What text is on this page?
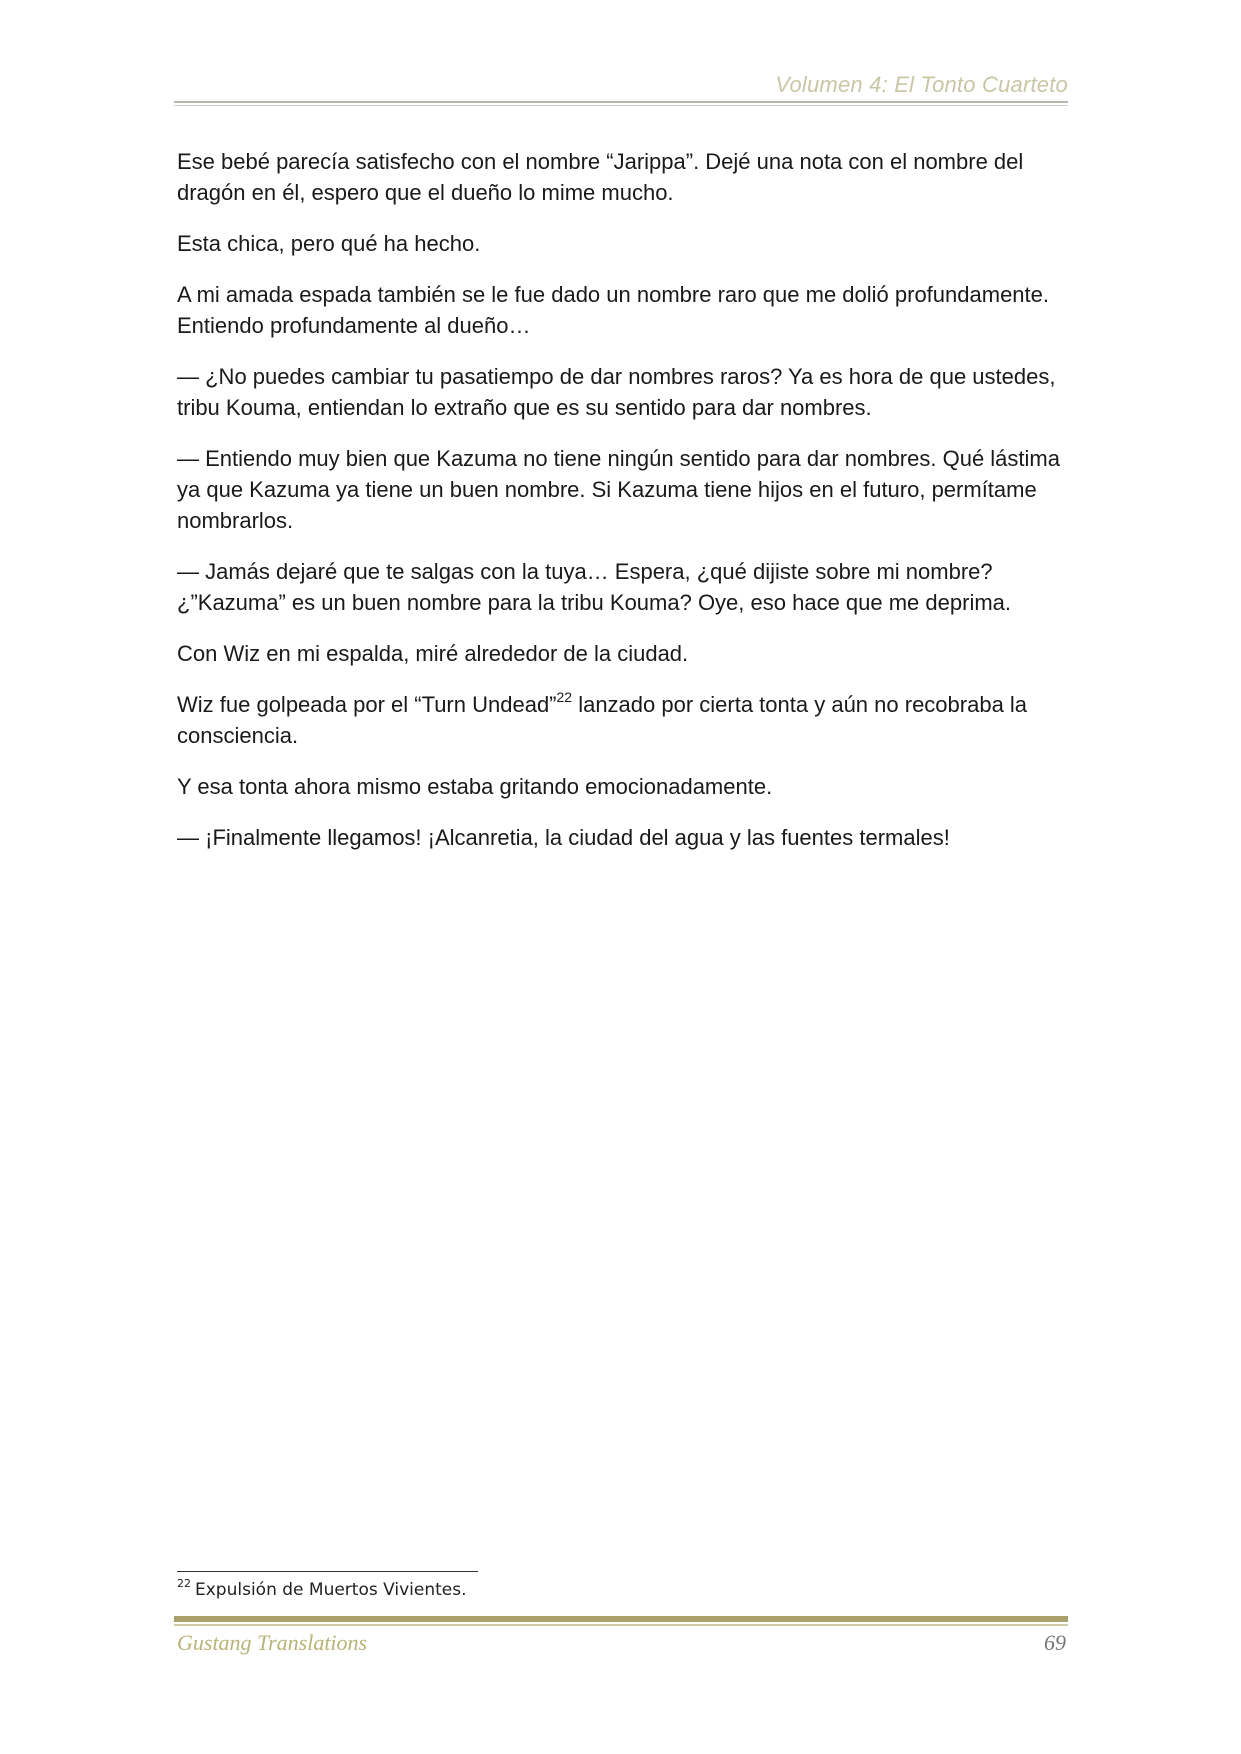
Volumen 4: El Tonto Cuarteto

Ese bebé parecía satisfecho con el nombre “Jarippa”. Dejé una nota con el nombre del dragón en él, espero que el dueño lo mime mucho.

Esta chica, pero qué ha hecho.

A mi amada espada también se le fue dado un nombre raro que me dolió profundamente. Entiendo profundamente al dueño…

— ¿No puedes cambiar tu pasatiempo de dar nombres raros? Ya es hora de que ustedes, tribu Kouma, entiendan lo extraño que es su sentido para dar nombres.

— Entiendo muy bien que Kazuma no tiene ningún sentido para dar nombres. Qué lástima ya que Kazuma ya tiene un buen nombre. Si Kazuma tiene hijos en el futuro, permítame nombrarlos.

— Jamás dejaré que te salgas con la tuya… Espera, ¿qué dijiste sobre mi nombre? ¿”Kazuma” es un buen nombre para la tribu Kouma? Oye, eso hace que me deprima.

Con Wiz en mi espalda, miré alrededor de la ciudad.

Wiz fue golpeada por el “Turn Undead”$^{22}$ lanzado por cierta tonta y aún no recobraba la consciencia.

Y esa tonta ahora mismo estaba gritando emocionadamente.

— ¡Finalmente llegamos! ¡Alcanretia, la ciudad del agua y las fuentes termales!

$^{22}$ Expulsión de Muertos Vivientes.
Gustang Translations	69
